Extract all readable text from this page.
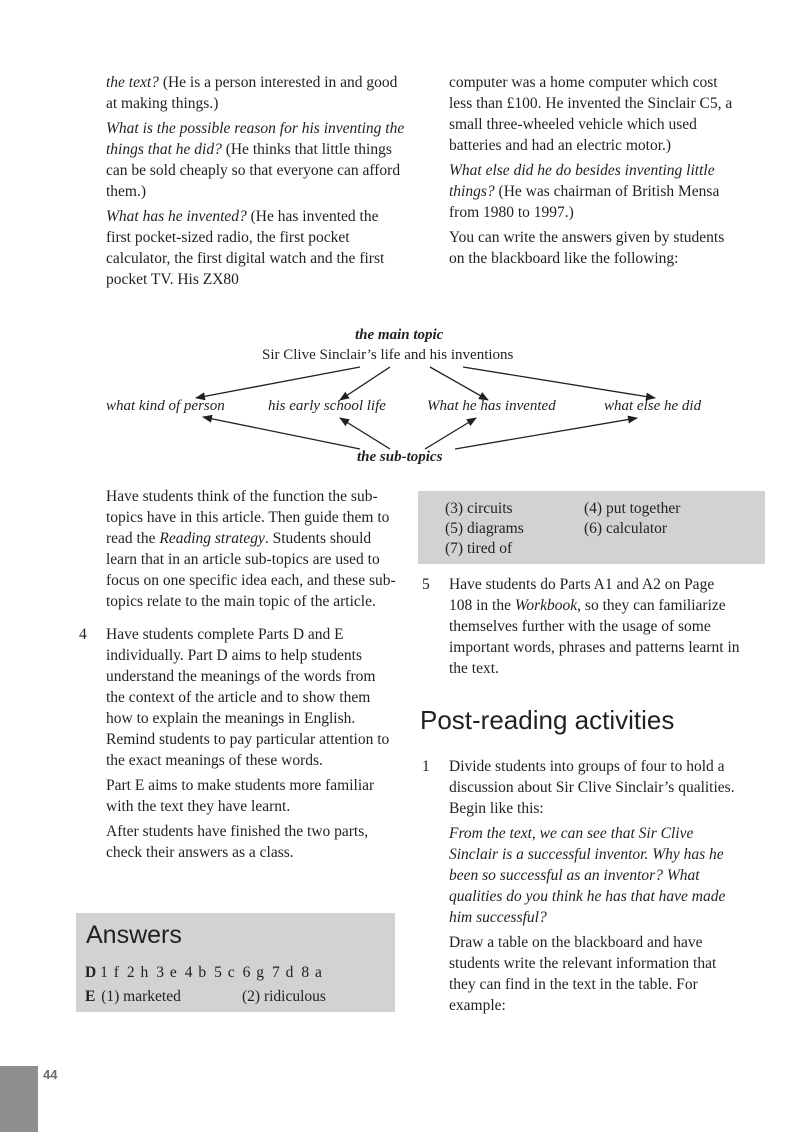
the text? (He is a person interested in and good at making things.)

What is the possible reason for his inventing the things that he did? (He thinks that little things can be sold cheaply so that everyone can afford them.)

What has he invented? (He has invented the first pocket-sized radio, the first pocket calculator, the first digital watch and the first pocket TV. His ZX80

computer was a home computer which cost less than £100. He invented the Sinclair C5, a small three-wheeled vehicle which used batteries and had an electric motor.)

What else did he do besides inventing little things? (He was chairman of British Mensa from 1980 to 1997.)

You can write the answers given by students on the blackboard like the following:

the main topic
Sir Clive Sinclair’s life and his inventions
what kind of person	his early school life	What he has invented	what else he did
the sub-topics

Have students think of the function the sub-topics have in this article. Then guide them to read the Reading strategy. Students should learn that in an article sub-topics are used to focus on one specific idea each, and these sub-topics relate to the main topic of the article.

4 Have students complete Parts D and E individually. Part D aims to help students understand the meanings of the words from the context of the article and to show them how to explain the meanings in English. Remind students to pay particular attention to the exact meanings of these words.

Part E aims to make students more familiar with the text they have learnt.

After students have finished the two parts, check their answers as a class.

Answers
D 1 f 2 h 3 e 4 b 5 c 6 g 7 d 8 a
E (1) marketed	(2) ridiculous
(3) circuits	(4) put together
(5) diagrams	(6) calculator
(7) tired of
5 Have students do Parts A1 and A2 on Page 108 in the Workbook, so they can familiarize themselves further with the usage of some important words, phrases and patterns learnt in the text.

Post-reading activities
1 Divide students into groups of four to hold a discussion about Sir Clive Sinclair’s qualities. Begin like this:

From the text, we can see that Sir Clive Sinclair is a successful inventor. Why has he been so successful as an inventor? What qualities do you think he has that have made him successful?

Draw a table on the blackboard and have students write the relevant information that they can find in the text in the table. For example:

44
